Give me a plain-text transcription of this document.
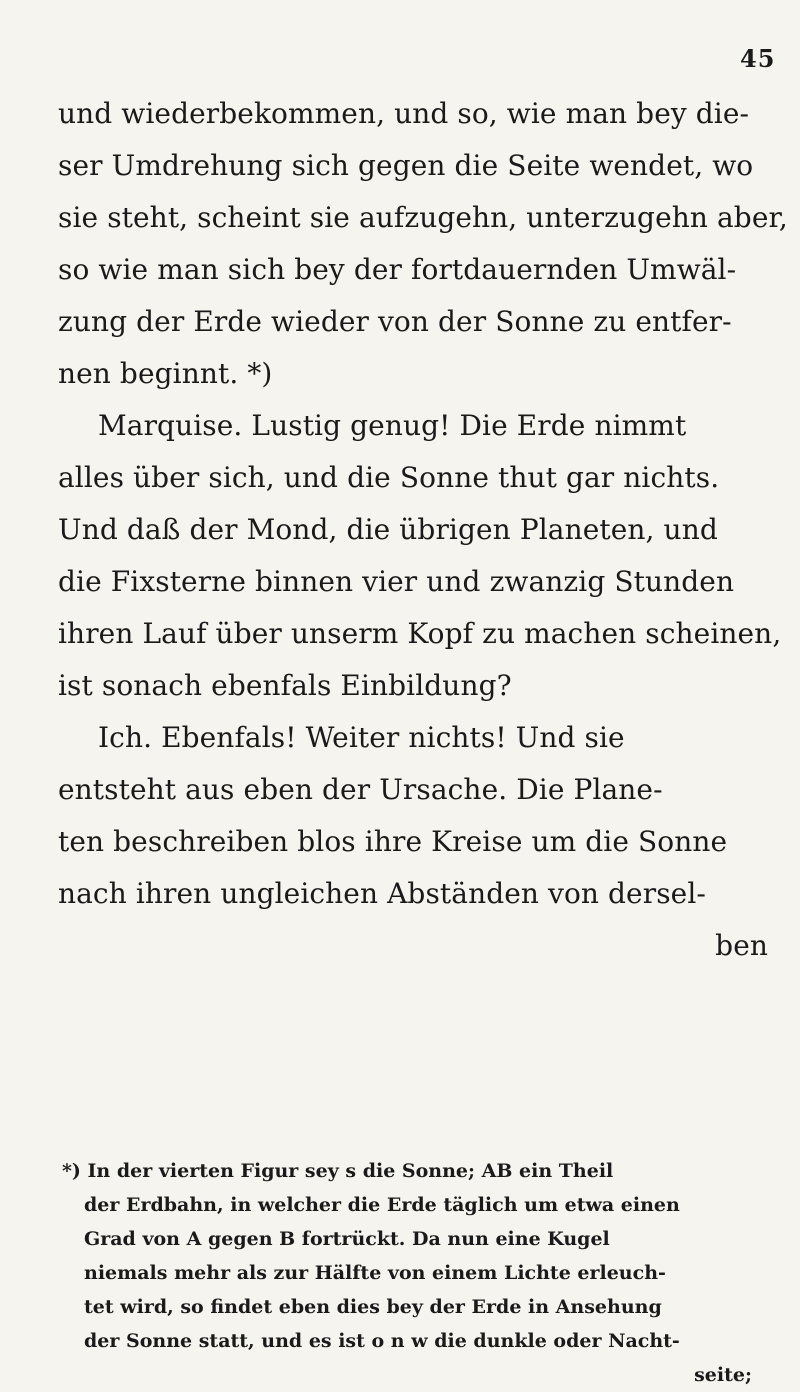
45
und wiederbekommen, und so, wie man bey die‐
ser Umdrehung sich gegen die Seite wendet, wo
sie steht, scheint sie aufzugehn, unterzugehn aber,
so wie man sich bey der fortdauernden Umwäl‐
zung der Erde wieder von der Sonne zu entfer‐
nen beginnt. *)
Marquise. Lustig genug! Die Erde nimmt
alles über sich, und die Sonne thut gar nichts.
Und daß der Mond, die übrigen Planeten, und
die Fixsterne binnen vier und zwanzig Stunden
ihren Lauf über unserm Kopf zu machen scheinen,
ist sonach ebenfals Einbildung?
Ich. Ebenfals! Weiter nichts! Und sie
entsteht aus eben der Ursache. Die Plane‐
ten beschreiben blos ihre Kreise um die Sonne
nach ihren ungleichen Abständen von dersel‐
ben
*) In der vierten Figur sey s die Sonne; AB ein Theil
der Erdbahn, in welcher die Erde täglich um etwa einen
Grad von A gegen B fortrückt. Da nun eine Kugel
niemals mehr als zur Hälfte von einem Lichte erleuch‐
tet wird, so findet eben dies bey der Erde in Ansehung
der Sonne statt, und es ist o n w die dunkle oder Nacht‐
seite;
